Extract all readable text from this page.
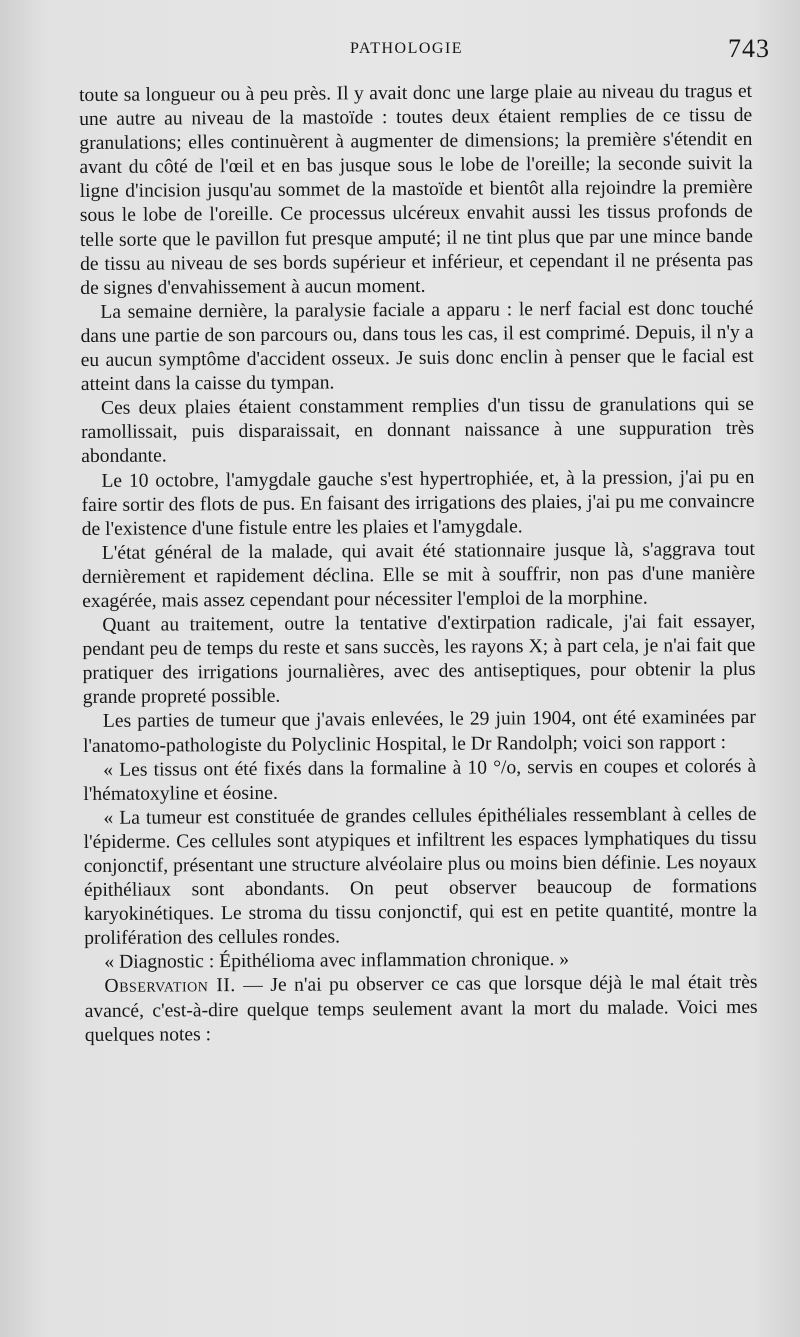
PATHOLOGIE	743

toute sa longueur ou à peu près. Il y avait donc une large plaie au niveau du tragus et une autre au niveau de la mastoïde : toutes deux étaient remplies de ce tissu de granulations; elles continuèrent à augmenter de dimensions; la première s'étendit en avant du côté de l'œil et en bas jusque sous le lobe de l'oreille; la seconde suivit la ligne d'incision jusqu'au sommet de la mastoïde et bientôt alla rejoindre la première sous le lobe de l'oreille. Ce processus ulcéreux envahit aussi les tissus profonds de telle sorte que le pavillon fut presque amputé; il ne tint plus que par une mince bande de tissu au niveau de ses bords supérieur et inférieur, et cependant il ne présenta pas de signes d'envahissement à aucun moment.

La semaine dernière, la paralysie faciale a apparu : le nerf facial est donc touché dans une partie de son parcours ou, dans tous les cas, il est comprimé. Depuis, il n'y a eu aucun symptôme d'accident osseux. Je suis donc enclin à penser que le facial est atteint dans la caisse du tympan.

Ces deux plaies étaient constamment remplies d'un tissu de granulations qui se ramollissait, puis disparaissait, en donnant naissance à une suppuration très abondante.

Le 10 octobre, l'amygdale gauche s'est hypertrophiée, et, à la pression, j'ai pu en faire sortir des flots de pus. En faisant des irrigations des plaies, j'ai pu me convaincre de l'existence d'une fistule entre les plaies et l'amygdale.

L'état général de la malade, qui avait été stationnaire jusque là, s'aggrava tout dernièrement et rapidement déclina. Elle se mit à souffrir, non pas d'une manière exagérée, mais assez cependant pour nécessiter l'emploi de la morphine.

Quant au traitement, outre la tentative d'extirpation radicale, j'ai fait essayer, pendant peu de temps du reste et sans succès, les rayons X; à part cela, je n'ai fait que pratiquer des irrigations journalières, avec des antiseptiques, pour obtenir la plus grande propreté possible.

Les parties de tumeur que j'avais enlevées, le 29 juin 1904, ont été examinées par l'anatomo-pathologiste du Polyclinic Hospital, le Dr Randolph; voici son rapport :

« Les tissus ont été fixés dans la formaline à 10 °/o, servis en coupes et colorés à l'hématoxyline et éosine.

« La tumeur est constituée de grandes cellules épithéliales ressemblant à celles de l'épiderme. Ces cellules sont atypiques et infiltrent les espaces lymphatiques du tissu conjonctif, présentant une structure alvéolaire plus ou moins bien définie. Les noyaux épithéliaux sont abondants. On peut observer beaucoup de formations karyokinétiques. Le stroma du tissu conjonctif, qui est en petite quantité, montre la prolifération des cellules rondes.

« Diagnostic : Épithélioma avec inflammation chronique. »

Observation II. — Je n'ai pu observer ce cas que lorsque déjà le mal était très avancé, c'est-à-dire quelque temps seulement avant la mort du malade. Voici mes quelques notes :
